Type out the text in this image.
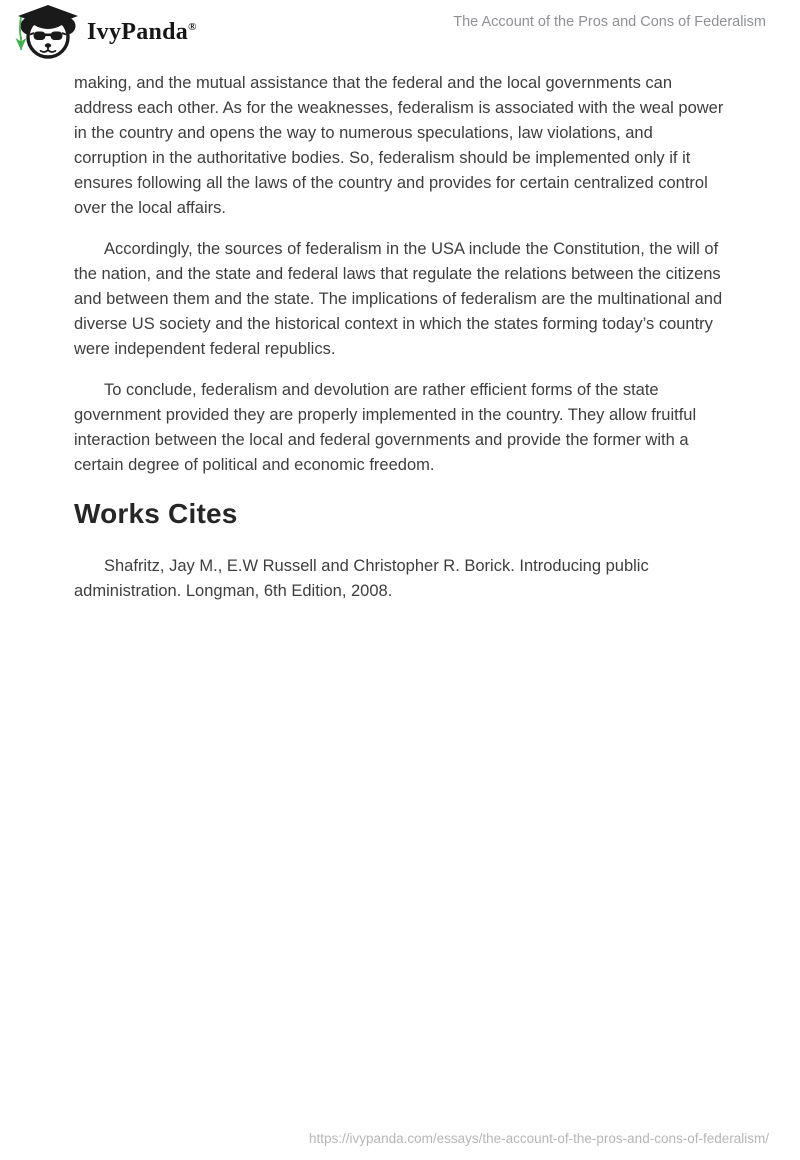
IvyPanda®	The Account of the Pros and Cons of Federalism

making, and the mutual assistance that the federal and the local governments can address each other. As for the weaknesses, federalism is associated with the weal power in the country and opens the way to numerous speculations, law violations, and corruption in the authoritative bodies. So, federalism should be implemented only if it ensures following all the laws of the country and provides for certain centralized control over the local affairs.

Accordingly, the sources of federalism in the USA include the Constitution, the will of the nation, and the state and federal laws that regulate the relations between the citizens and between them and the state. The implications of federalism are the multinational and diverse US society and the historical context in which the states forming today’s country were independent federal republics.

To conclude, federalism and devolution are rather efficient forms of the state government provided they are properly implemented in the country. They allow fruitful interaction between the local and federal governments and provide the former with a certain degree of political and economic freedom.

Works Cites

Shafritz, Jay M., E.W Russell and Christopher R. Borick. Introducing public administration. Longman, 6th Edition, 2008.

https://ivypanda.com/essays/the-account-of-the-pros-and-cons-of-federalism/
